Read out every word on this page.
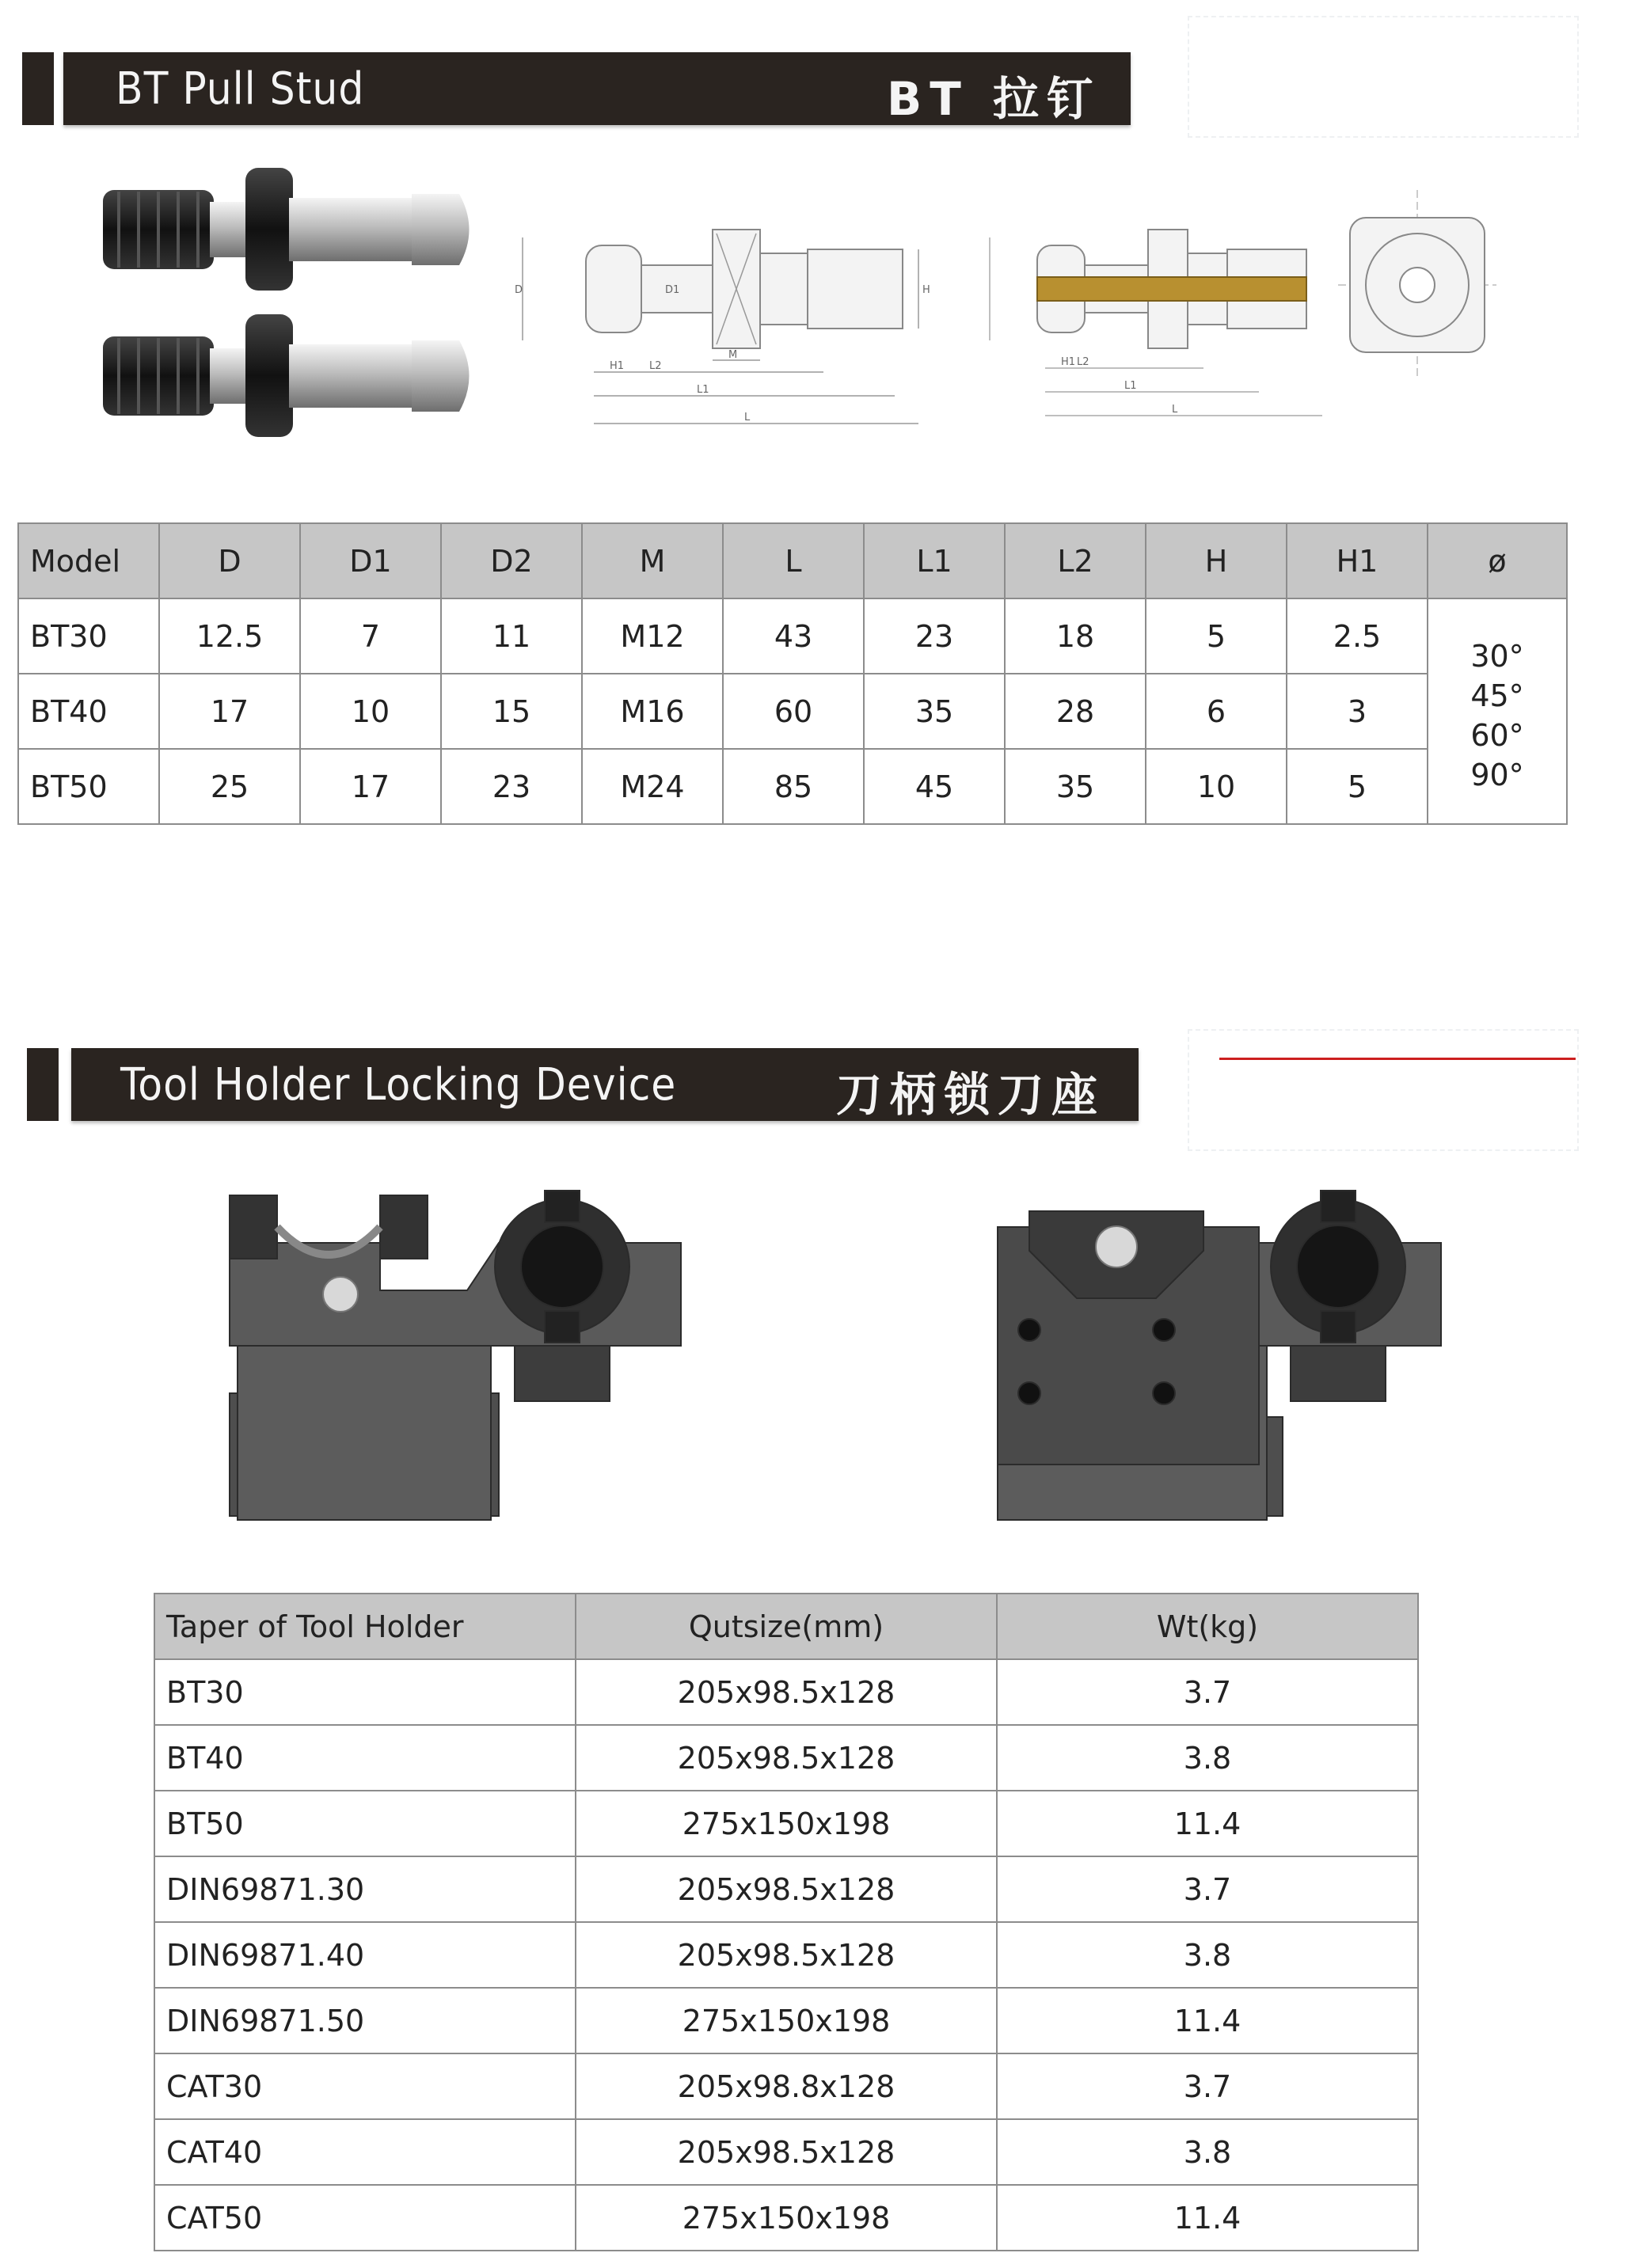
BT Pull Stud	BT 拉钉
D	D1
M
H
H1
L1
L2
L
H1
L1
L2
L
Model	D	D1	D2	M	L	L1	L2	H	H1	ø
BT30	12.5	7	11	M12	43	23	18	5	2.5	30°
45°
60°
90°

BT40	17	10	15	M16	60	35	28	6	3	
BT50	25	17	23	M24	85	45	35	10	5	
Tool Holder Locking Device	刀柄锁刀座
Taper of Tool Holder	Qutsize(mm)	Wt(kg)
BT30	205x98.5x128	3.7
BT40	205x98.5x128	3.8
BT50	275x150x198	11.4
DIN69871.30	205x98.5x128	3.7
DIN69871.40	205x98.5x128	3.8
DIN69871.50	275x150x198	11.4
CAT30	205x98.8x128	3.7
CAT40	205x98.5x128	3.8
CAT50	275x150x198	11.4
